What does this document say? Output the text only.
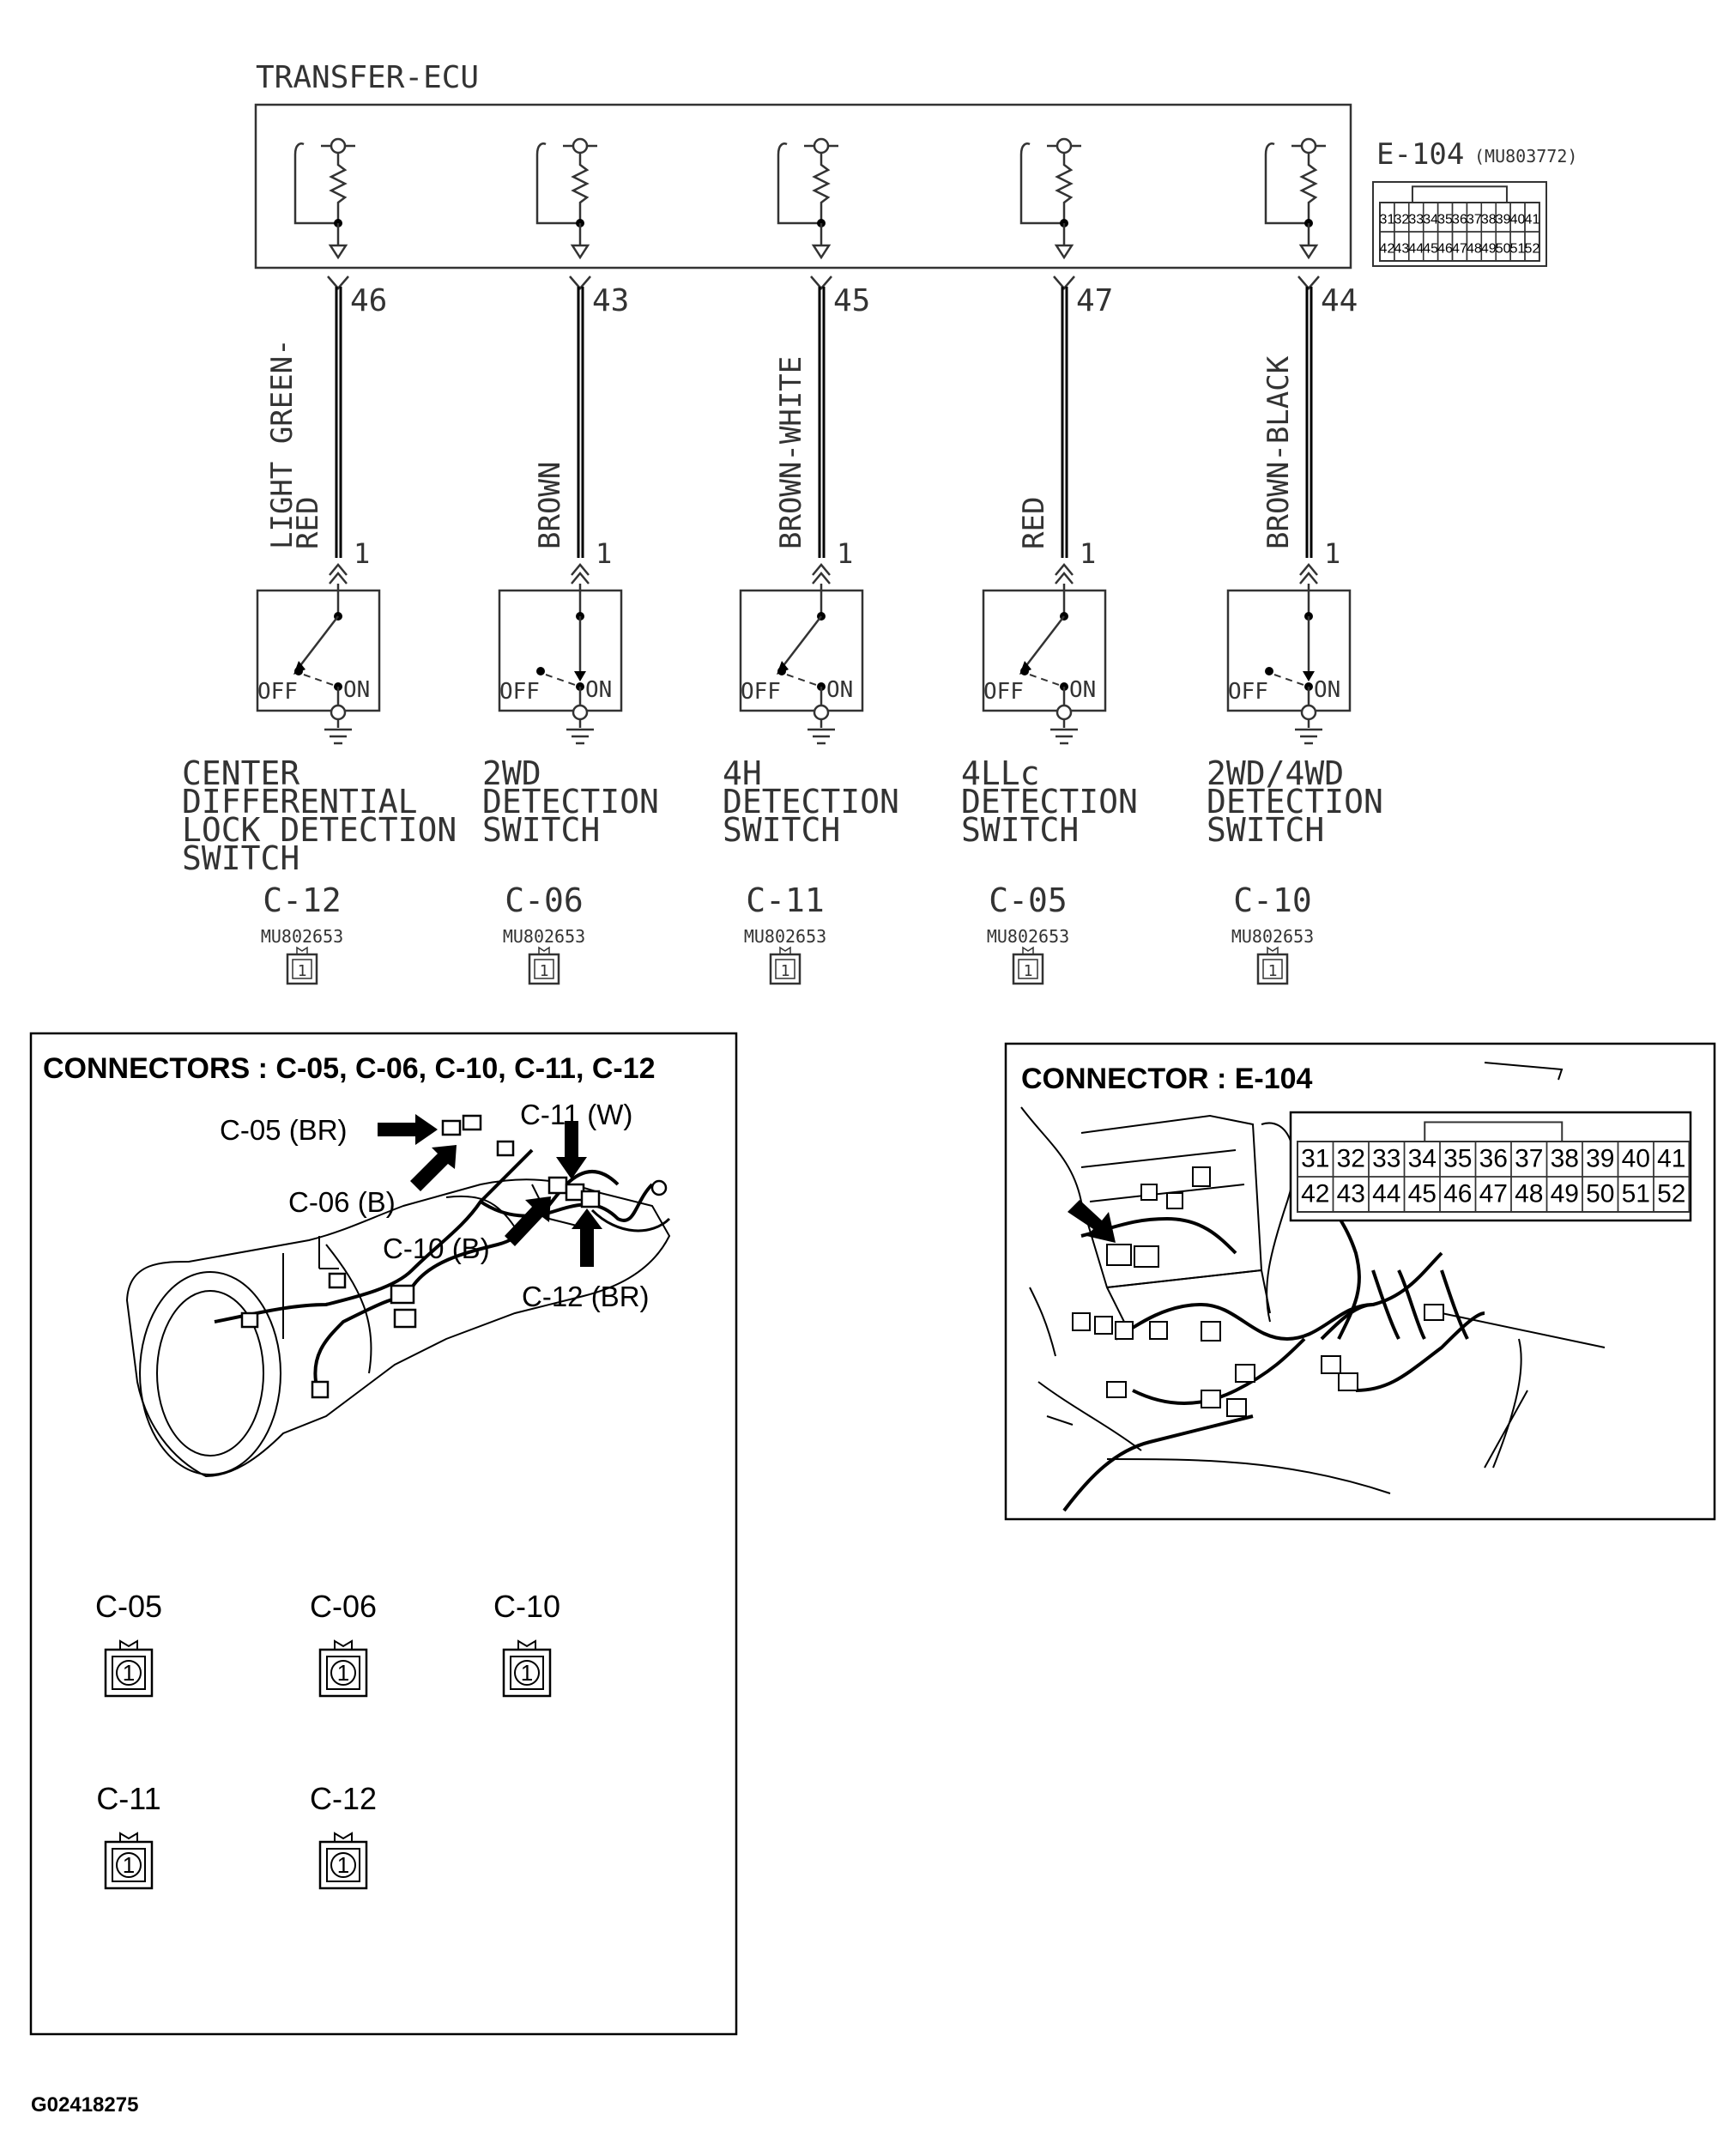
TRANSFER-ECU
E-104 (MU803772)
31 32 33 34 35 36 37 38 39 40 41
42 43 44 45 46 47 48 49 50 51 52
46
LIGHT GREEN-
RED
1
OFF ON
CENTER
DIFFERENTIAL
LOCK DETECTION
SWITCH
C-12
MU802653
1
43
BROWN
1
OFF ON
2WD
DETECTION
SWITCH
C-06
MU802653
1
45
BROWN-WHITE
1
OFF ON
4H
DETECTION
SWITCH
C-11
MU802653
1
47
RED
1
OFF ON
4LLc
DETECTION
SWITCH
C-05
MU802653
1
44
BROWN-BLACK
1
OFF ON
2WD/4WD
DETECTION
SWITCH
C-10
MU802653
1
CONNECTORS : C-05, C-06, C-10, C-11, C-12
C-05 (BR)	C-11 (W)
C-06 (B)
C-10 (B)
C-12 (BR)
C-05
1
C-06
1
C-10
1
C-11
1
C-12
1
CONNECTOR : E-104
31 32 33 34 35 36 37 38 39 40 41
42 43 44 45 46 47 48 49 50 51 52
G02418275
